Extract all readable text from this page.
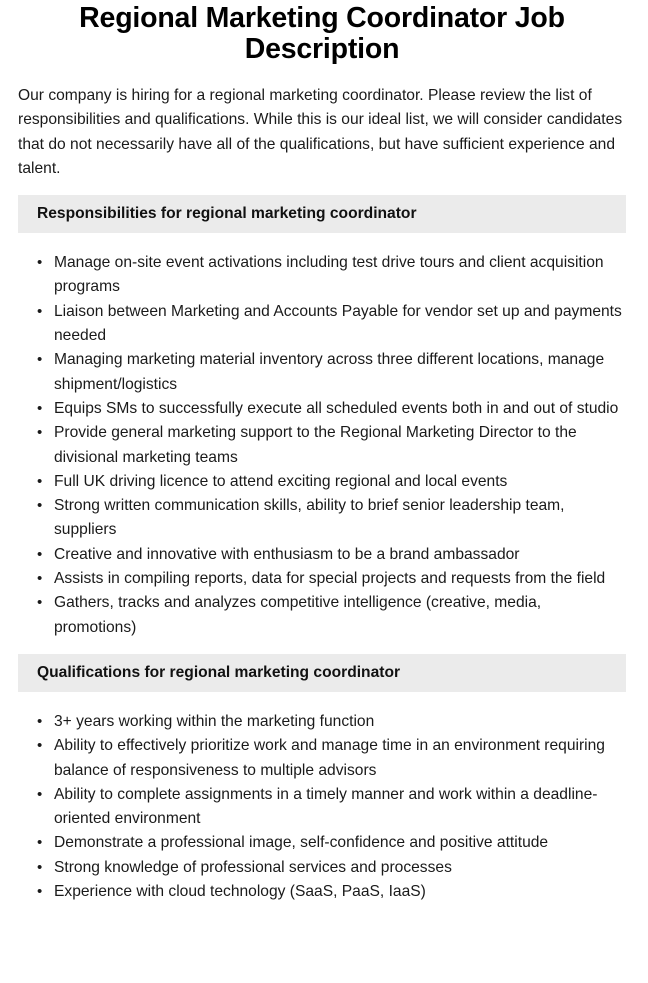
Regional Marketing Coordinator Job Description

Our company is hiring for a regional marketing coordinator. Please review the list of responsibilities and qualifications. While this is our ideal list, we will consider candidates that do not necessarily have all of the qualifications, but have sufficient experience and talent.

Responsibilities for regional marketing coordinator
• Manage on-site event activations including test drive tours and client acquisition programs
• Liaison between Marketing and Accounts Payable for vendor set up and payments needed
• Managing marketing material inventory across three different locations, manage shipment/logistics
• Equips SMs to successfully execute all scheduled events both in and out of studio
• Provide general marketing support to the Regional Marketing Director to the divisional marketing teams
• Full UK driving licence to attend exciting regional and local events
• Strong written communication skills, ability to brief senior leadership team, suppliers
• Creative and innovative with enthusiasm to be a brand ambassador
• Assists in compiling reports, data for special projects and requests from the field
• Gathers, tracks and analyzes competitive intelligence (creative, media, promotions)
Qualifications for regional marketing coordinator
• 3+ years working within the marketing function
• Ability to effectively prioritize work and manage time in an environment requiring balance of responsiveness to multiple advisors
• Ability to complete assignments in a timely manner and work within a deadline-oriented environment
• Demonstrate a professional image, self-confidence and positive attitude
• Strong knowledge of professional services and processes
• Experience with cloud technology (SaaS, PaaS, IaaS)
